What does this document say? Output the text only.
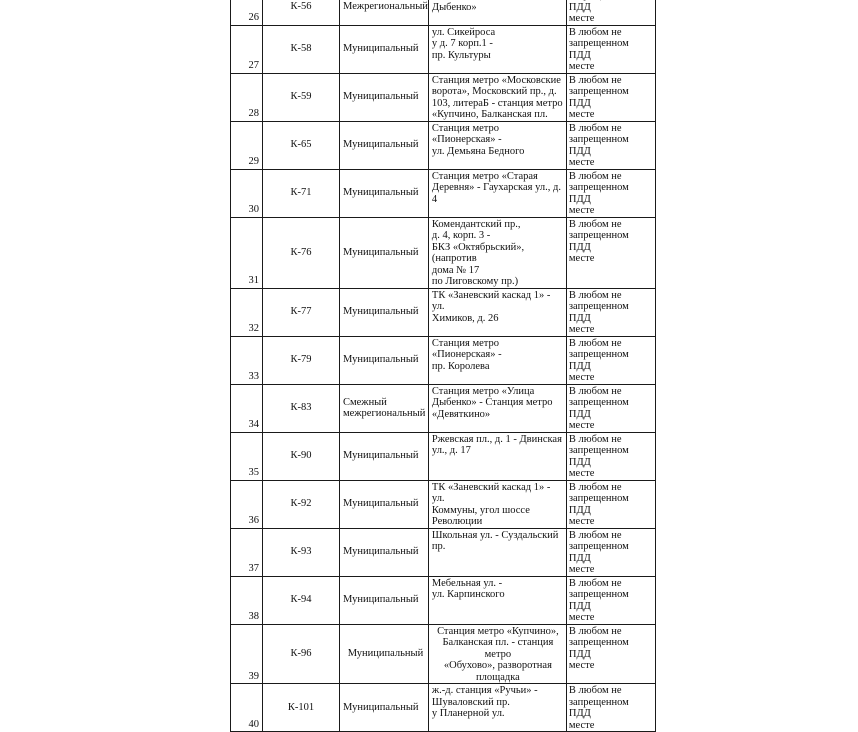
26	К-56	Межрегиональный	
Дыбенко»	ПДД
месте
27	К-58	Муниципальный	ул. Сикейроса
у д. 7 корп.1 -
пр. Культуры	В любом не
запрещенном ПДД
месте
28	К-59	Муниципальный	Станция метро «Московские
ворота», Московский пр., д.
103, литераБ - станция метро
«Купчино, Балканская пл.	В любом не
запрещенном ПДД
месте
29	К-65	Муниципальный	Станция метро «Пионерская» -
ул. Демьяна Бедного	В любом не
запрещенном ПДД
месте
30	К-71	Муниципальный	Станция метро «Старая
Деревня» - Гаухарская ул., д. 4	В любом не
запрещенном ПДД
месте
31	К-76	Муниципальный	Комендантский пр.,
д. 4, корп. 3 -
БКЗ «Октябрьский», (напротив
дома № 17
по Лиговскому пр.)	В любом не
запрещенном ПДД
месте
32	К-77	Муниципальный	ТК «Заневский каскад 1» - ул.
Химиков, д. 26	В любом не
запрещенном ПДД
месте
33	К-79	Муниципальный	Станция метро «Пионерская» -
пр. Королева	В любом не
запрещенном ПДД
месте
34	К-83	Смежный
межрегиональный	Станция метро «Улица
Дыбенко» - Станция метро
«Девяткино»	В любом не
запрещенном ПДД
месте
35	К-90	Муниципальный	Ржевская пл., д. 1 - Двинская
ул., д. 17	В любом не
запрещенном ПДД
месте
36	К-92	Муниципальный	ТК «Заневский каскад 1» - ул.
Коммуны, угол шоссе
Революции	В любом не
запрещенном ПДД
месте
37	К-93	Муниципальный	Школьная ул. - Суздальский
пр.	В любом не
запрещенном ПДД
месте
38	К-94	Муниципальный	Мебельная ул. -
ул. Карпинского	В любом не
запрещенном ПДД
месте
39	К-96	Муниципальный	Станция метро «Купчино»,
Балканская пл. - станция метро
«Обухово», разворотная
площадка	В любом не
запрещенном ПДД
месте
40	К-101	Муниципальный	ж.-д. станция «Ручьи» -
Шуваловский пр.
у Планерной ул.	В любом не
запрещенном ПДД
месте
